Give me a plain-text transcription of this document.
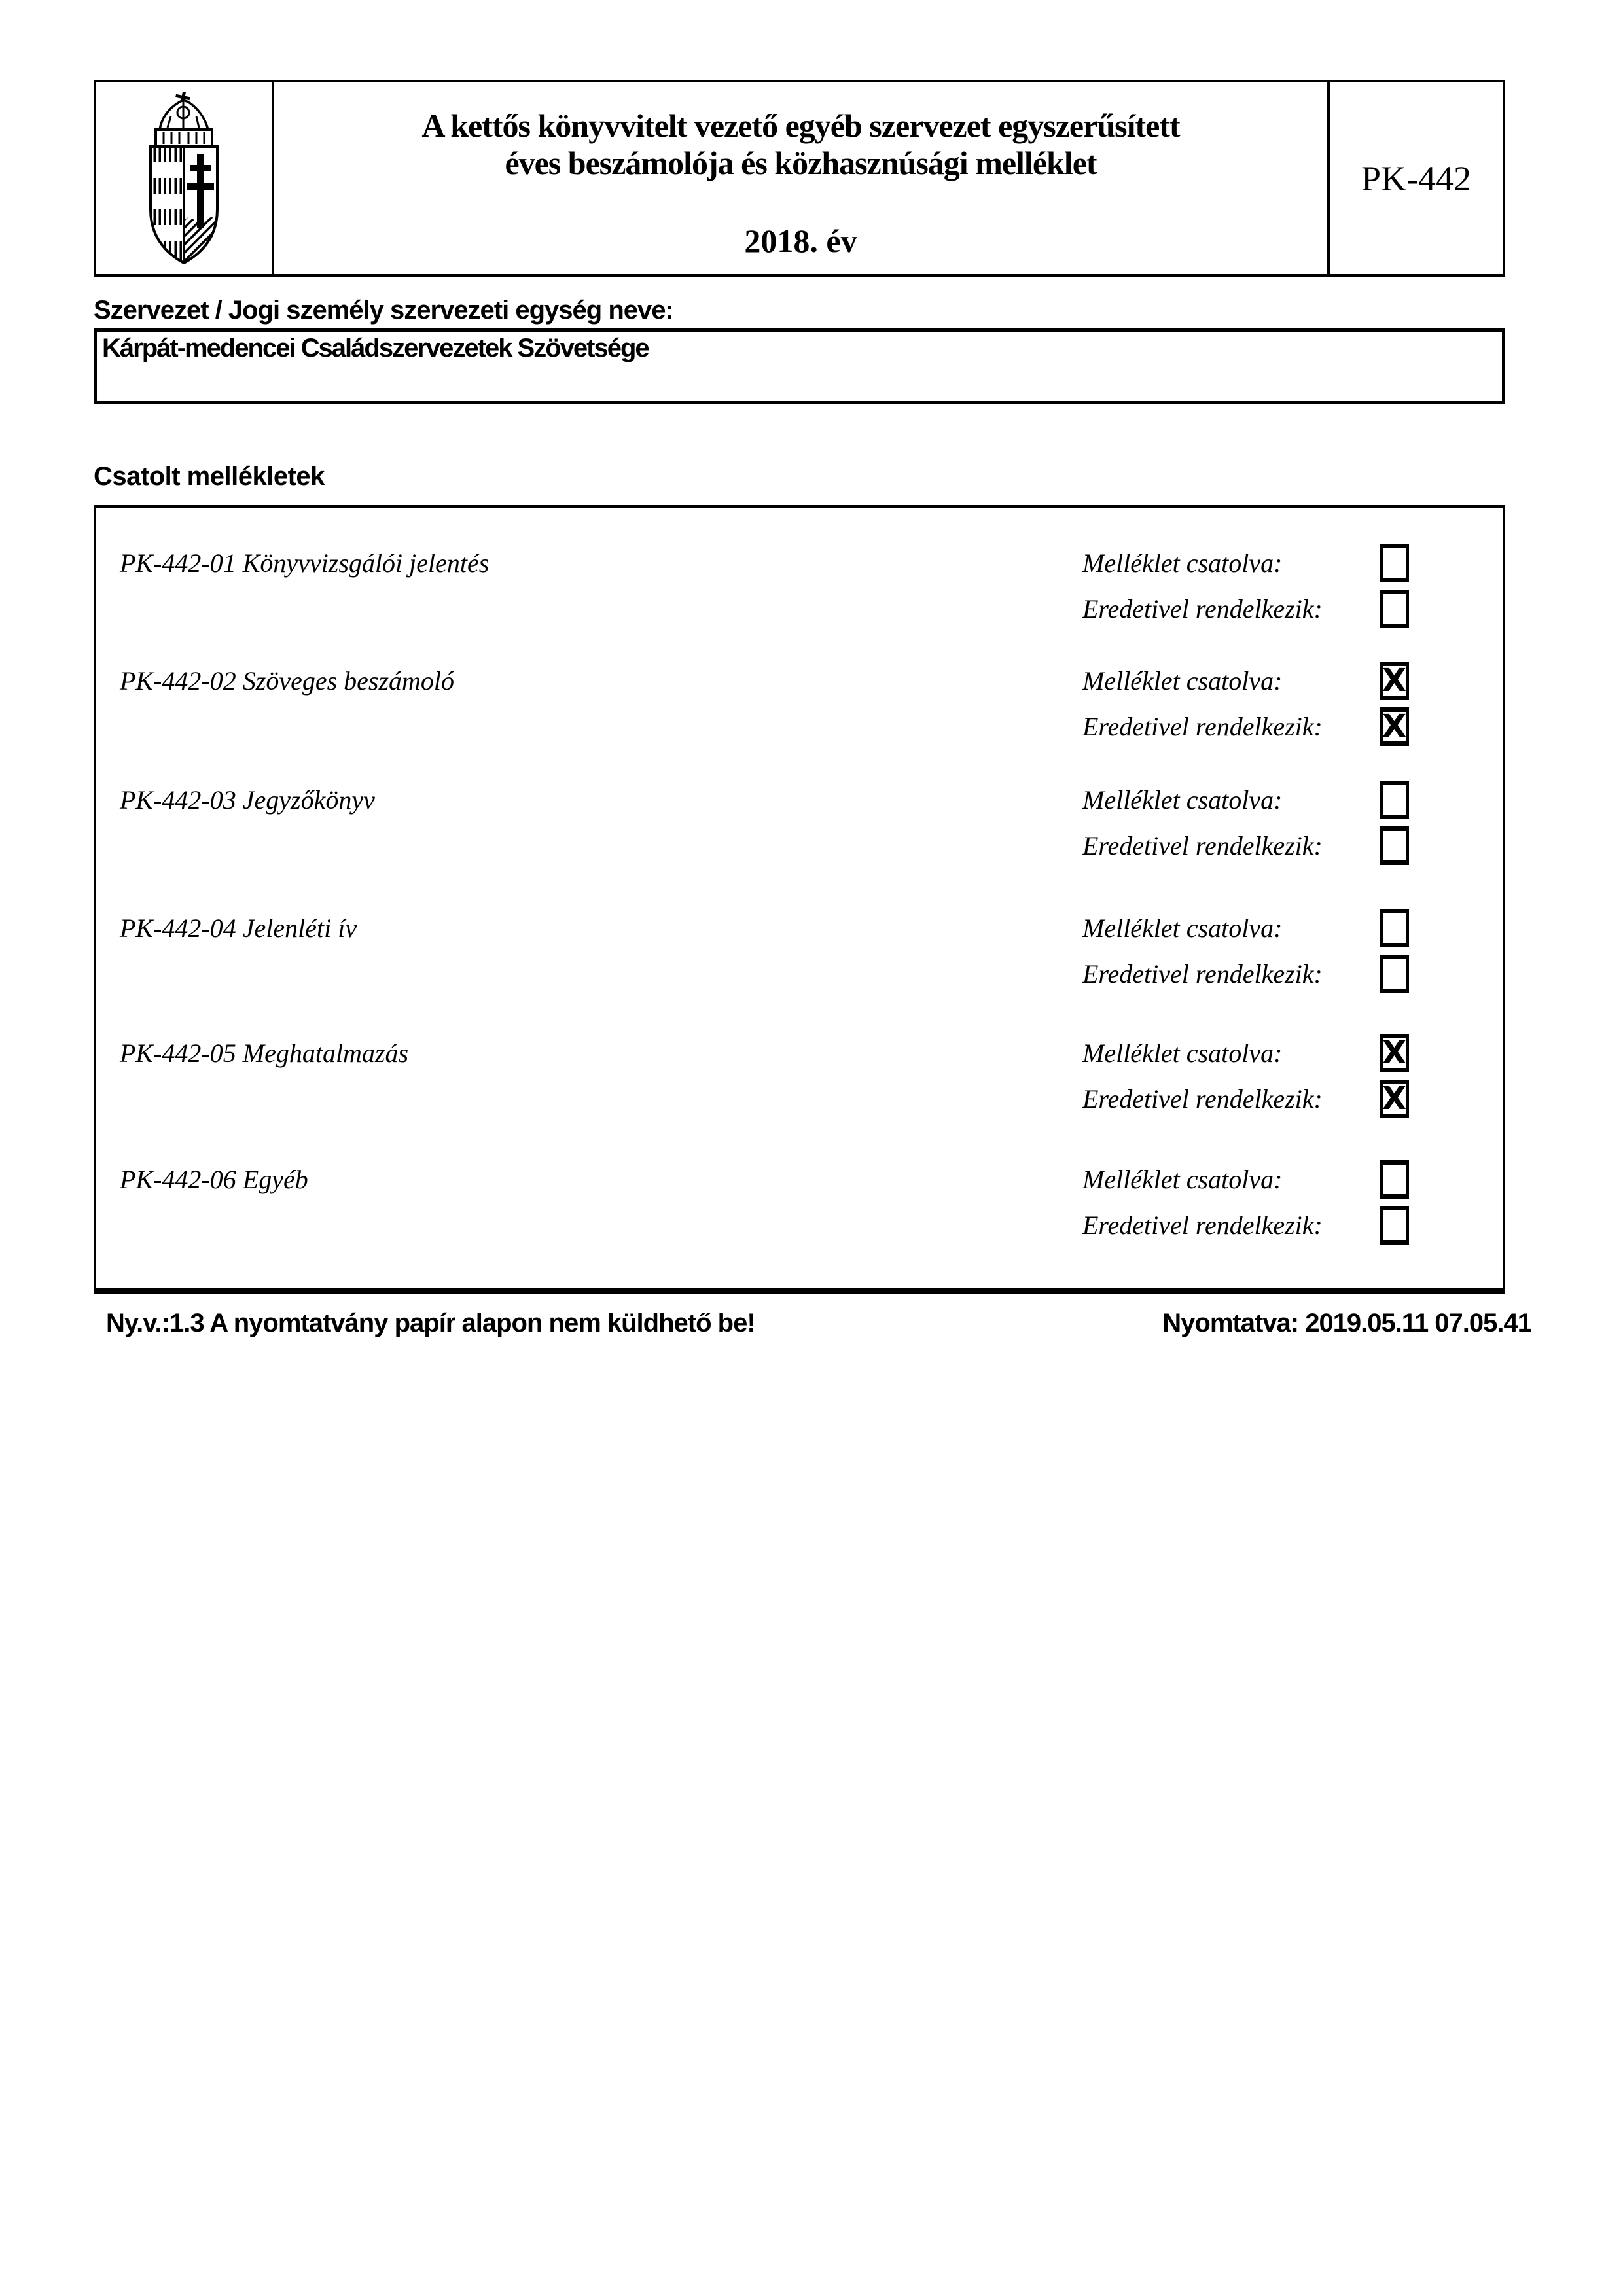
A kettős könyvvitelt vezető egyéb szervezet egyszerűsített
éves beszámolója és közhasznúsági melléklet
2018. év
PK-442
Szervezet / Jogi személy szervezeti egység neve:
Kárpát-medencei Családszervezetek Szövetsége
Csatolt mellékletek
PK-442-01 Könyvvizsgálói jelentés	Melléklet csatolva:
Eredetivel rendelkezik:
PK-442-02 Szöveges beszámoló	Melléklet csatolva:	X
Eredetivel rendelkezik: X
PK-442-03 Jegyzőkönyv	Melléklet csatolva:
Eredetivel rendelkezik:
PK-442-04 Jelenléti ív	Melléklet csatolva:
Eredetivel rendelkezik:
PK-442-05 Meghatalmazás	Melléklet csatolva:	X
Eredetivel rendelkezik: X
PK-442-06 Egyéb	Melléklet csatolva:
Eredetivel rendelkezik:
Ny.v.:1.3 A nyomtatvány papír alapon nem küldhető be!	Nyomtatva: 2019.05.11 07.05.41
